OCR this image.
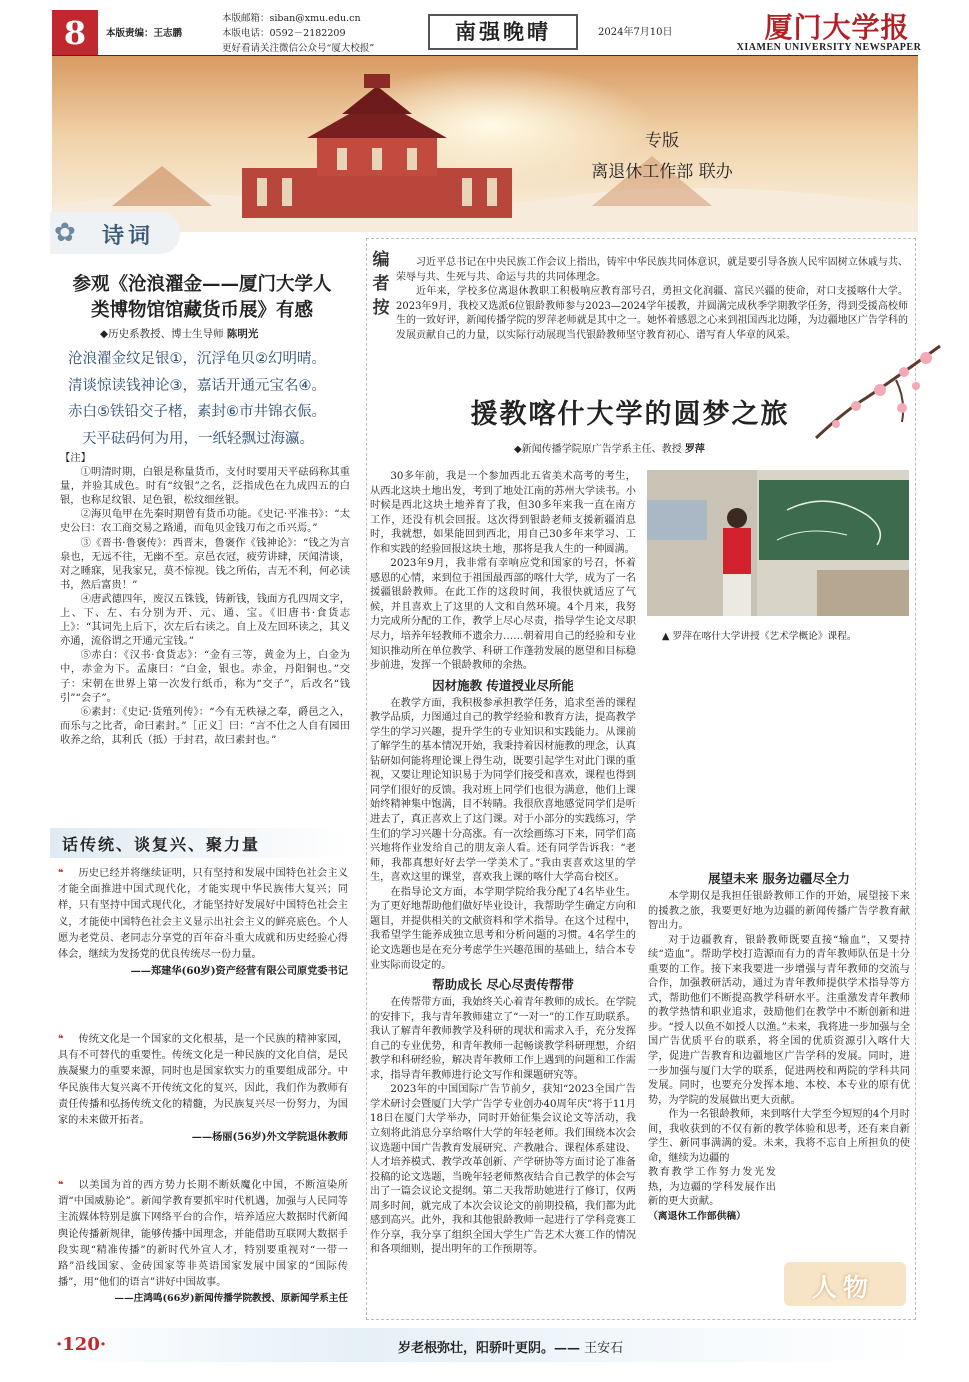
8	本版责编：王志鹏
本版邮箱：siban@xmu.edu.cn
本版电话：0592－2182209
更好看请关注微信公众号“厦大校报”
南强晚晴	2024年7月10日	厦门大学报
XIAMEN UNIVERSITY NEWSPAPER
专版
离退休工作部 联办
✿ 诗词
参观《沧浪濯金——厦门大学人
类博物馆馆藏货币展》有感
◆历史系教授、博士生导师 陈明光
沧浪濯金纹足银①，沉浮龟贝②幻明晴。
清谈惊读钱神论③，嘉话开通元宝名④。
赤白⑤铁铅交子楮，素封⑥市井锦衣侲。
天平砝码何为用，一纸轻飘过海瀛。
【注】

①明清时期，白银是称量货币，支付时要用天平砝码称其重量，并验其成色。时有“纹银”之名，泛指成色在九成四五的白银，也称足纹银、足色银，松纹细丝银。

②海贝龟甲在先秦时期曾有货币功能。《史记·平准书》：“太史公曰：农工商交易之路通，而龟贝金钱刀布之币兴焉。”

③《晋书·鲁褒传》：西晋末，鲁褒作《钱神论》：“钱之为言泉也，无远不往，无幽不至。京邑衣冠，疲劳讲肆，厌闻清谈，对之睡寐，见我家兄，莫不惊视。钱之所佑，吉无不利，何必读书，然后富贵！”

④唐武德四年，废汉五铢钱，铸新钱，钱面方孔四周文字，上、下、左、右分别为开、元、通、宝。《旧唐书·食货志上》：“其词先上后下，次左后右读之。自上及左回环读之，其义亦通，流俗谓之开通元宝钱。”

⑤赤白：《汉书·食货志》：“金有三等，黄金为上，白金为中，赤金为下。孟康曰：“白金，银也。赤金，丹阳铜也。”交子：宋朝在世界上第一次发行纸币，称为“交子”，后改名“钱引”“会子”。

⑥素封：《史记·货殖列传》：“今有无秩禄之奉，爵邑之入，而乐与之比者，命曰素封。”［正义］曰：“言不仕之人自有园田收养之给，其利氏（抵）于封君，故曰素封也。”

话传统、谈复兴、聚力量

❝ 历史已经并将继续证明，只有坚持和发展中国特色社会主义才能全面推进中国式现代化，才能实现中华民族伟大复兴；同样，只有坚持中国式现代化，才能坚持好发展好中国特色社会主义，才能使中国特色社会主义显示出社会主义的鲜亮底色。个人愿为老党员、老同志分享党的百年奋斗重大成就和历史经验心得体会，继续为发扬党的优良传统尽一份力量。

——郑建华(60岁)资产经营有限公司原党委书记

❝ 传统文化是一个国家的文化根基，是一个民族的精神家园，具有不可替代的重要性。传统文化是一种民族的文化自信，是民族凝聚力的重要来源，同时也是国家软实力的重要组成部分。中华民族伟大复兴离不开传统文化的复兴，因此，我们作为教师有责任传播和弘扬传统文化的精髓，为民族复兴尽一份努力，为国家的未来做开拓者。

——杨丽(56岁)外文学院退休教师

❝ 以美国为首的西方势力长期不断妖魔化中国，不断渲染所谓“中国威胁论”。新闻学教育要抓牢时代机遇，加强与人民同等主流媒体特别是旗下网络平台的合作，培养适应大数据时代新闻舆论传播新规律，能够传播中国理念，并能借助互联网大数据手段实现“精准传播”的新时代外宣人才，特别要重视对“一带一路”沿线国家、金砖国家等非英语国家发展中国家的“国际传播”，用“他们的语言”讲好中国故事。

——庄鸿鸣(66岁)新闻传播学院教授、原新闻学系主任
编者按

习近平总书记在中央民族工作会议上指出，铸牢中华民族共同体意识，就是要引导各族人民牢固树立休戚与共、荣辱与共、生死与共、命运与共的共同体理念。

近年来，学校多位离退休教职工积极响应教育部号召，勇担文化润疆、富民兴疆的使命，对口支援喀什大学。2023年9月，我校又选派6位银龄教师参与2023—2024学年援教，并圆满完成秋季学期教学任务，得到受援高校师生的一致好评，新闻传播学院的罗萍老师就是其中之一。她怀着感恩之心来到祖国西北边陲，为边疆地区广告学科的发展贡献自己的力量，以实际行动展现当代银龄教师坚守教育初心、谱写育人华章的风采。

援教喀什大学的圆梦之旅
◆新闻传播学院原广告学系主任、教授 罗萍
▲ 罗萍在喀什大学讲授《艺术学概论》课程。

30多年前，我是一个参加西北五省美术高考的考生，从西北这块土地出发，考到了地处江南的苏州大学读书。小时候是西北这块土地养育了我，但30多年来我一直在南方工作，还没有机会回报。这次得到银龄老师支援新疆消息时，我就想，如果能回到西北，用自己30多年来学习、工作和实践的经验回报这块土地，那将是我人生的一种圆满。

2023年9月，我非常有幸响应党和国家的号召，怀着感恩的心情，来到位于祖国最西部的喀什大学，成为了一名援疆银龄教师。在此工作的这段时间，我很快就适应了气候，并且喜欢上了这里的人文和自然环境。4个月来，我努力完成所分配的工作，教学上尽心尽责，指导学生论文尽职尽力，培养年轻教师不遗余力……朝着用自己的经验和专业知识推动所在单位教学、科研工作蓬勃发展的愿望和目标稳步前进，发挥一个银龄教师的余热。

因材施教 传道授业尽所能

在教学方面，我积极参承担教学任务，追求至善的课程教学品质，力图通过自己的教学经验和教育方法，提高教学学生的学习兴趣，提升学生的专业知识和实践能力。从课前了解学生的基本情况开始，我秉持着因材施教的理念，认真钻研如何能将理论课上得生动，既要引起学生对此门课的重视，又要让理论知识易于为同学们接受和喜欢，课程也得到同学们很好的反馈。我对班上同学们也很为满意，他们上课始终精神集中饱满，目不转睛。我很欣喜地感觉同学们是听进去了，真正喜欢上了这门课。对于小部分的实践练习，学生们的学习兴趣十分高涨。有一次绘画练习下来，同学们高兴地将作业发给自己的朋友亲人看。还有同学告诉我：“老师，我都真想好好去学一学美术了。”我由衷喜欢这里的学生，喜欢这里的课堂，喜欢我上课的喀什大学高台校区。

在指导论文方面，本学期学院给我分配了4名毕业生。为了更好地帮助他们做好毕业设计，我帮助学生确定方向和题目，并提供相关的文献资料和学术指导。在这个过程中，我希望学生能养成独立思考和分析问题的习惯。4名学生的论文选题也是在充分考虑学生兴趣范围的基础上，结合本专业实际而设定的。

帮助成长 尽心尽责传帮带

在传帮带方面，我始终关心着青年教师的成长。在学院的安排下，我与青年教师建立了“一对一”的工作互助联系。我认了解青年教师教学及科研的现状和需求入手，充分发挥自己的专业优势，和青年教师一起畅谈教学科研理想，介绍教学和科研经验，解决青年教师工作上遇到的问题和工作需求，指导青年教师进行论文写作和课题研究等。

2023年的中国国际广告节前夕，获知“2023全国广告学术研讨会暨厦门大学广告学专业创办40周年庆”将于11月18日在厦门大学举办，同时开始征集会议论文等活动，我立刻将此消息分享给喀什大学的年轻老师。我们围绕本次会议选题中国广告教育发展研究、产教融合、课程体系建设、人才培养模式、教学改革创新、产学研协等方面讨论了准备投稿的论文选题，当晚年轻老师熬夜结合自己教学的体会写出了一篇会议论文提纲。第二天我帮助她进行了修订，仅两周多时间，就完成了本次会议论文的前期投稿，我们都为此感到高兴。此外，我和其他银龄教师一起进行了学科竞赛工作分享，我分享了组织全国大学生广告艺术大赛工作的情况和各项细则，提出明年的工作预期等。

展望未来 服务边疆尽全力

本学期仅是我担任银龄教师工作的开始，展望接下来的援教之旅，我要更好地为边疆的新闻传播广告学教育献智出力。

对于边疆教育，银龄教师既要直接“输血”，又要持续“造血”。帮助学校打造源而有力的青年教师队伍是十分重要的工作。接下来我要进一步增强与青年教师的交流与合作，加强教研活动，通过为青年教师提供学术指导等方式，帮助他们不断提高教学科研水平。注重激发青年教师的教学热情和职业追求，鼓励他们在教学中不断创新和进步。“授人以鱼不如授人以渔。”未来，我将进一步加强与全国广告优质平台的联系，将全国的优质资源引入喀什大学，促进广告教育和边疆地区广告学科的发展。同时，进一步加强与厦门大学的联系，促进两校和两院的学科共同发展。同时，也要充分发挥本地、本校、本专业的原有优势，为学院的发展做出更大贡献。

作为一名银龄教师，来到喀什大学至今短短的4个月时间，我收获到的不仅有新的教学体验和思考，还有来自新学生、新同事满满的爱。未来，我将不忘自上所担负的使命，继续为边疆的

教育教学工作努力发光发热，为边疆的学科发展作出新的更大贡献。

（离退休工作部供稿）
人物
·120·	岁老根弥壮，阳骄叶更阴。—— 王安石
